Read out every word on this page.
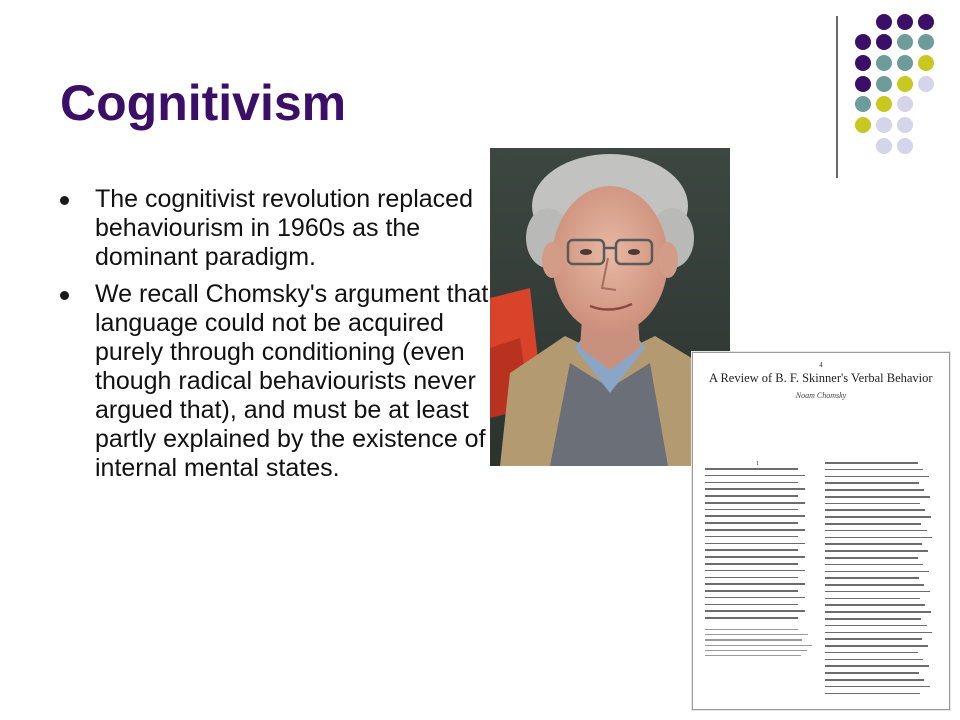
Cognitivism
The cognitivist revolution replaced behaviourism in 1960s as the dominant paradigm.
We recall Chomsky's argument that language could not be acquired purely through conditioning (even though radical behaviourists never argued that), and must be at least partly explained by the existence of internal mental states.
4
A Review of B. F. Skinner's Verbal Behavior
Noam Chomsky
1
